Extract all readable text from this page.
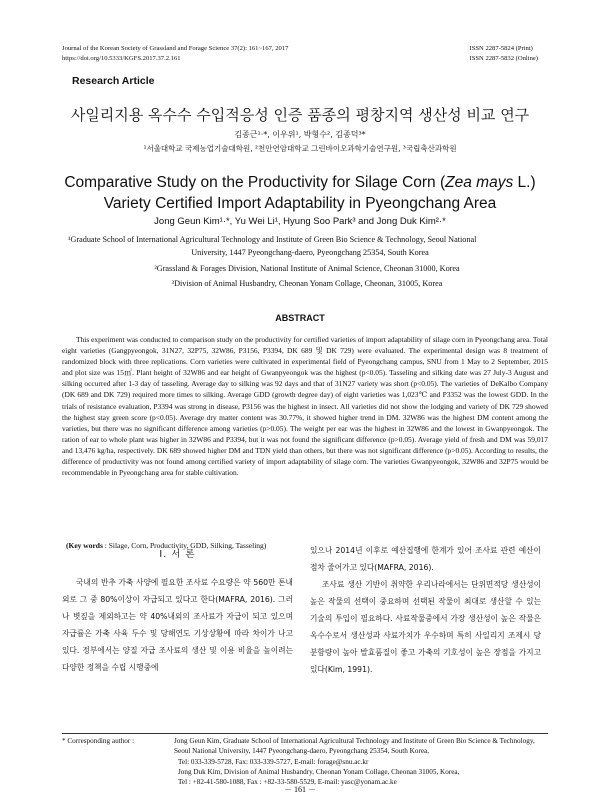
Journal of the Korean Society of Grassland and Forage Science 37(2): 161~167, 2017
https://doi.org/10.5333/KGFS.2017.37.2.161
ISSN 2287-5824 (Print)
ISSN 2287-5832 (Online)
Research Article
사일리지용 옥수수 수입적응성 인증 품종의 평창지역 생산성 비교 연구
김종근¹·*, 이우위¹, 박형수², 김종덕³*
¹서울대학교 국제농업기술대학원, ²천안연암대학교 그린바이오과학기술연구원, ³국립축산과학원
Comparative Study on the Productivity for Silage Corn (Zea mays L.) Variety Certified Import Adaptability in Pyeongchang Area
Jong Geun Kim¹·*, Yu Wei Li¹, Hyung Soo Park³ and Jong Duk Kim²·*
¹Graduate School of International Agricultural Technology and Institute of Green Bio Science & Technology, Seoul National
University, 1447 Pyeongchang-daero, Pyeongchang 25354, South Korea
²Grassland & Forages Division, National Institute of Animal Science, Cheonan 31000, Korea
³Division of Animal Husbandry, Cheonan Yonam Collage, Cheonan, 31005, Korea
ABSTRACT

This experiment was conducted to comparison study on the productivity for certified varieties of import adaptability of silage corn in Pyeongchang area. Total eight varieties (Gangpyeongok, 31N27, 32P75, 32W86, P3156, P3394, DK 689 및 DK 729) were evaluated. The experimental design was 8 treatment of randomized block with three replications. Corn varieties were cultivated in experimental field of Pyeongchang campus, SNU from 1 May to 2 September, 2015 and plot size was 15㎡. Plant height of 32W86 and ear height of Gwanpyeongok was the highest (p<0.05). Tasseling and silking date was 27 July-3 August and silking occurred after 1-3 day of tasseling. Average day to silking was 92 days and that of 31N27 variety was short (p<0.05). The varieties of DeKalbo Company (DK 689 and DK 729) required more times to silking. Average GDD (growth degree day) of eight varieties was 1,023℃ and P3352 was the lowest GDD. In the trials of resistance evaluation, P3394 was strong in disease, P3156 was the highest in insect. All varieties did not show the lodging and variety of DK 729 showed the highest stay green score (p<0.05). Average dry matter content was 30.77%, it showed higher trend in DM. 32W86 was the highest DM content among the varieties, but there was no significant difference among varieties (p>0.05). The weight per ear was the highest in 32W86 and the lowest in Gwanpyeongok. The ration of ear to whole plant was higher in 32W86 and P3394, but it was not found the significant difference (p>0.05). Average yield of fresh and DM was 59,017 and 13,476 kg/ha, respectively. DK 689 showed higher DM and TDN yield than others, but there was not significant difference (p>0.05). According to results, the difference of productivity was not found among certified variety of import adaptability of silage corn. The varieties Gwanpyeongok, 32W86 and 32P75 would be recommendable in Pyeongchang area for stable cultivation.

(Key words : Silage, Corn, Productivity, GDD, Silking, Tasseling)
Ⅰ. 서 론

국내의 반추 가축 사양에 필요한 조사료 수요량은 약 560만 톤내외로 그 중 80%이상이 자급되고 있다고 한다(MAFRA, 2016). 그러나 볏짚을 제외하고는 약 40%내외의 조사료가 자급이 되고 있으며 자급률은 가축 사육 두수 및 당해연도 기상상황에 따라 차이가 나고 있다. 정부에서는 양질 자급 조사료의 생산 및 이용 비율을 높이려는 다양한 정책을 수립 시행중에

있으나 2014년 이후로 예산집행에 한계가 있어 조사료 관련 예산이 점차 줄어가고 있다(MAFRA, 2016).

조사료 생산 기반이 취약한 우리나라에서는 단위면적당 생산성이 높은 작물의 선택이 중요하며 선택된 작물이 최대로 생산할 수 있는 기술의 투입이 필요하다. 사료작물중에서 가장 생산성이 높은 작물은 옥수수로서 생산성과 사료가치가 우수하며 특히 사일리지 조제시 당분함량이 높아 발효품질이 좋고 가축의 기호성이 높은 장점을 가지고 있다(Kim, 1991).

* Corresponding author :	Jong Geun Kim, Graduate School of International Agricultural Technology and Institute of Green Bio Science & Technology, Seoul National University, 1447 Pyeongchang-daero, Pyeongchang 25354, South Korea,
Tel: 033-339-5728, Fax: 033-339-5727, E-mail: forage@snu.ac.kr
Jong Duk Kim, Division of Animal Husbandry, Cheonan Yonam Collage, Cheonan 31005, Korea,
Tel : +82-41-580-1088, Fax : +82-33-580-5529, E-mail: yasc@yonam.ac.ke
－ 161 －
